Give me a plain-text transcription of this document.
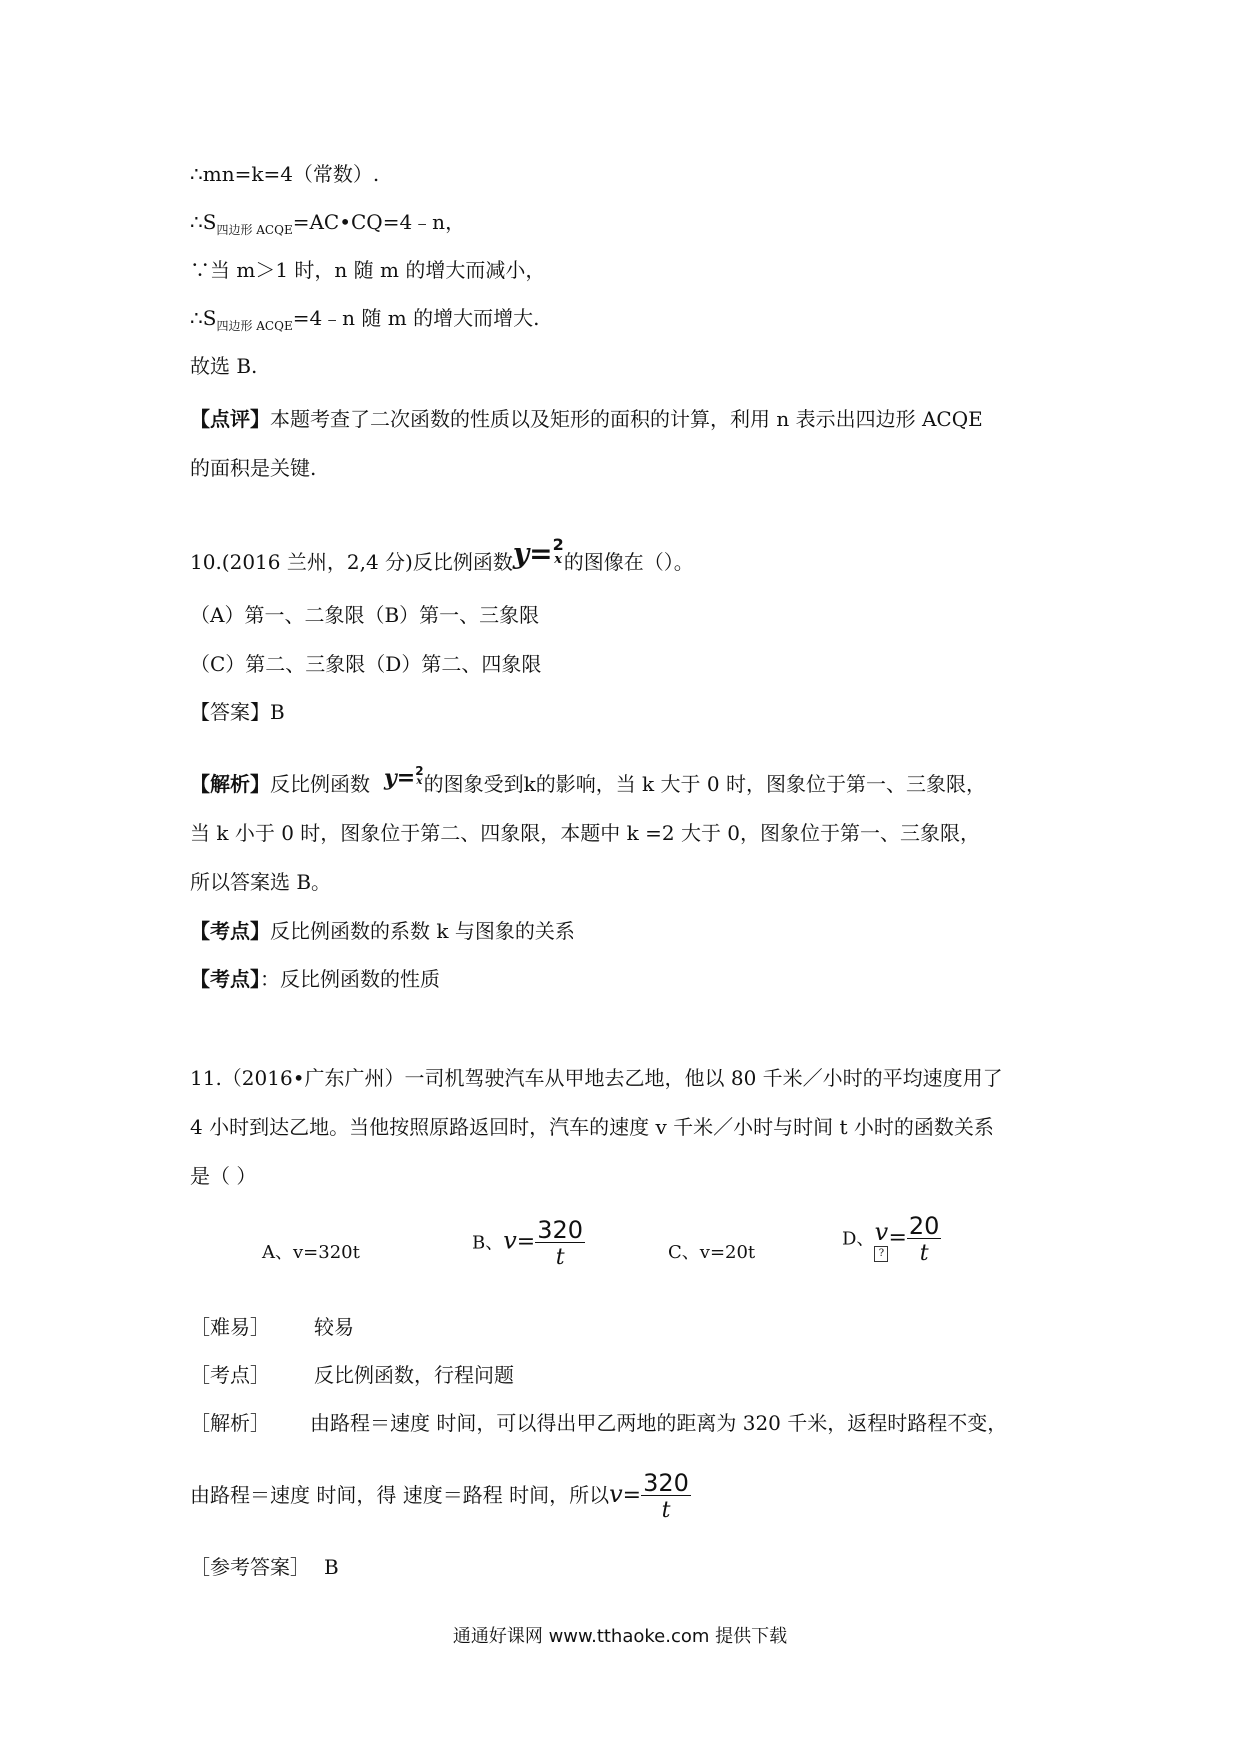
∴mn=k=4（常数）.
$\therefore S_{四边形 ACQE}=AC•CQ=4﹣n$，
∵当 m＞1 时，n 随 m 的增大而减小，
$\therefore S_{四边形 ACQE}=4﹣n$ 随 m 的增大而增大.
故选 B.
【点评】本题考查了二次函数的性质以及矩形的面积的计算，利用 n 表示出四边形 ACQE
的面积是关键.
10.(2016 兰州，2,4 分)反比例函数y= 2
x 的图像在（）。
（A）第一、二象限（B）第一、三象限
（C）第二、三象限（D）第二、四象限
【答案】B
【解析】反比例函数 y= 2
x 的图象受到k的影响，当 k 大于 0 时，图象位于第一、三象限，
当 k 小于 0 时，图象位于第二、四象限，本题中 k =2 大于 0，图象位于第一、三象限，
所以答案选 B。
【考点】反比例函数的系数 k 与图象的关系
【考点】：反比例函数的性质
11.（2016•广东广州）一司机驾驶汽车从甲地去乙地，他以 80 千米／小时的平均速度用了
4 小时到达乙地。当他按照原路返回时，汽车的速度 v 千米／小时与时间 t 小时的函数关系
是（ ）
A、v=320t	B、$v= \frac{320}{t}$	C、v=20t
D、 v
?
= $\frac{20}{t}$
［难易］ 较易
［考点］ 反比例函数，行程问题
［解析］ 由路程＝速度 时间，可以得出甲乙两地的距离为 320 千米，返程时路程不变，
由路程＝速度 时间，得 速度＝路程 时间，所以$v= \frac{320}{t}$
［参考答案］ B
通通好课网 www.tthaoke.com 提供下载
